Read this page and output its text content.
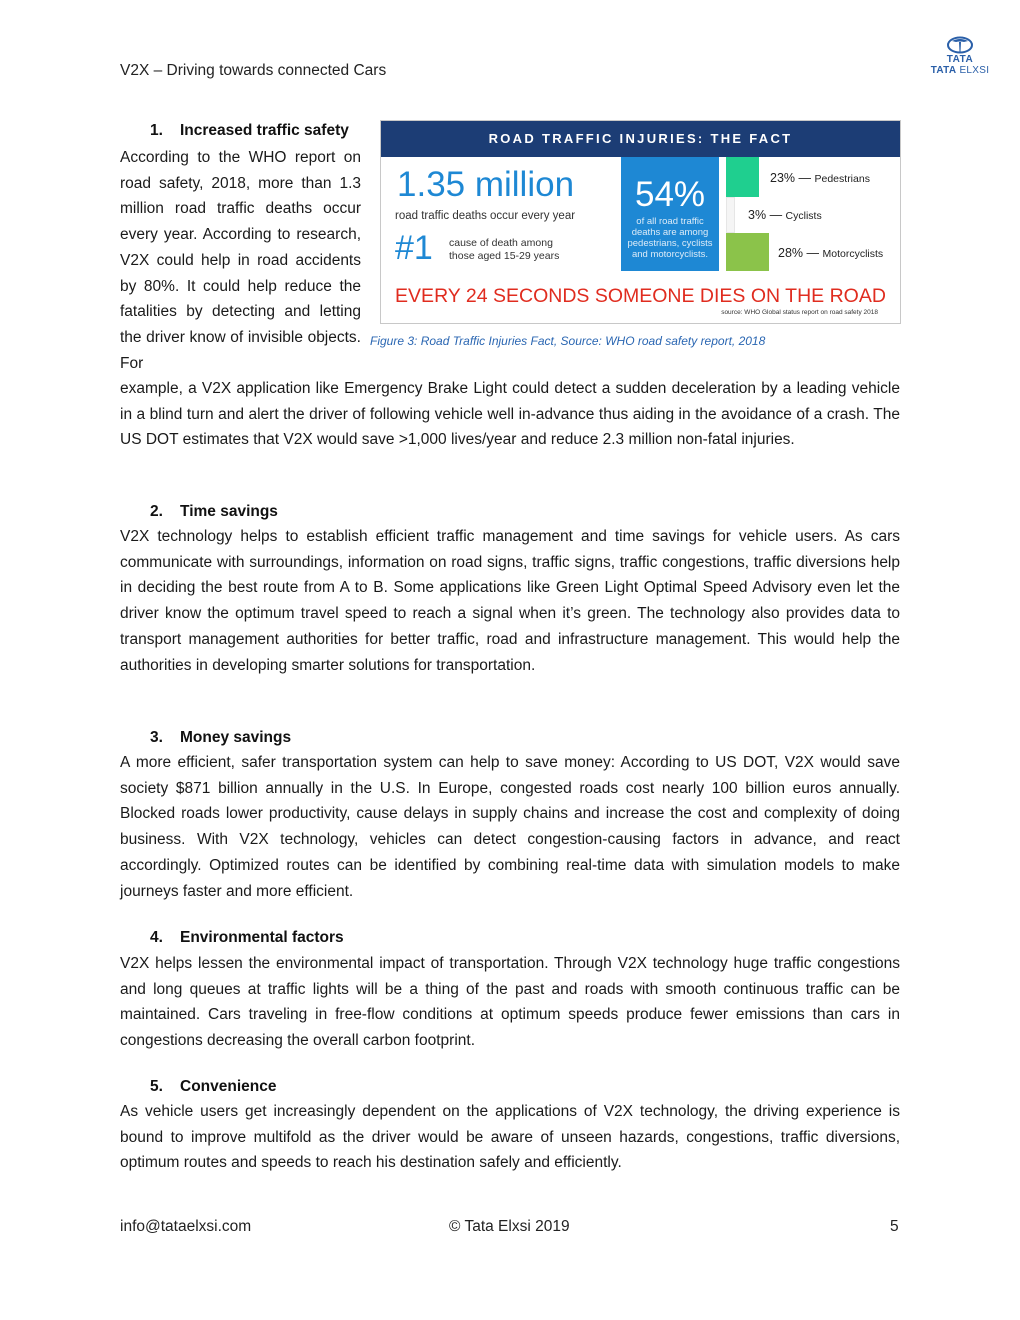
V2X – Driving towards connected Cars
TATA
TATA ELXSI
1. Increased traffic safety
According to the WHO report on road safety, 2018, more than 1.3 million road traffic deaths occur every year. According to research, V2X could help in road accidents by 80%. It could help reduce the fatalities by detecting and letting the driver know of invisible objects. For
ROAD TRAFFIC INJURIES: THE FACT
1.35 million
road traffic deaths occur every year
#1 cause of death among those aged 15-29 years
54%
of all road traffic deaths are among pedestrians, cyclists and motorcyclists.
23% — Pedestrians
3% — Cyclists
28% — Motorcyclists
EVERY 24 SECONDS SOMEONE DIES ON THE ROAD
source: WHO Global status report on road safety 2018
Figure 3: Road Traffic Injuries Fact, Source: WHO road safety report, 2018
example, a V2X application like Emergency Brake Light could detect a sudden deceleration by a leading vehicle in a blind turn and alert the driver of following vehicle well in-advance thus aiding in the avoidance of a crash. The US DOT estimates that V2X would save >1,000 lives/year and reduce 2.3 million non-fatal injuries.
2. Time savings
V2X technology helps to establish efficient traffic management and time savings for vehicle users. As cars communicate with surroundings, information on road signs, traffic signs, traffic congestions, traffic diversions help in deciding the best route from A to B. Some applications like Green Light Optimal Speed Advisory even let the driver know the optimum travel speed to reach a signal when it’s green. The technology also provides data to transport management authorities for better traffic, road and infrastructure management. This would help the authorities in developing smarter solutions for transportation.
3. Money savings
A more efficient, safer transportation system can help to save money: According to US DOT, V2X would save society $871 billion annually in the U.S. In Europe, congested roads cost nearly 100 billion euros annually. Blocked roads lower productivity, cause delays in supply chains and increase the cost and complexity of doing business. With V2X technology, vehicles can detect congestion-causing factors in advance, and react accordingly. Optimized routes can be identified by combining real-time data with simulation models to make journeys faster and more efficient.
4. Environmental factors
V2X helps lessen the environmental impact of transportation. Through V2X technology huge traffic congestions and long queues at traffic lights will be a thing of the past and roads with smooth continuous traffic can be maintained. Cars traveling in free-flow conditions at optimum speeds produce fewer emissions than cars in congestions decreasing the overall carbon footprint.
5. Convenience
As vehicle users get increasingly dependent on the applications of V2X technology, the driving experience is bound to improve multifold as the driver would be aware of unseen hazards, congestions, traffic diversions, optimum routes and speeds to reach his destination safely and efficiently.
info@tataelxsi.com	© Tata Elxsi 2019	5
